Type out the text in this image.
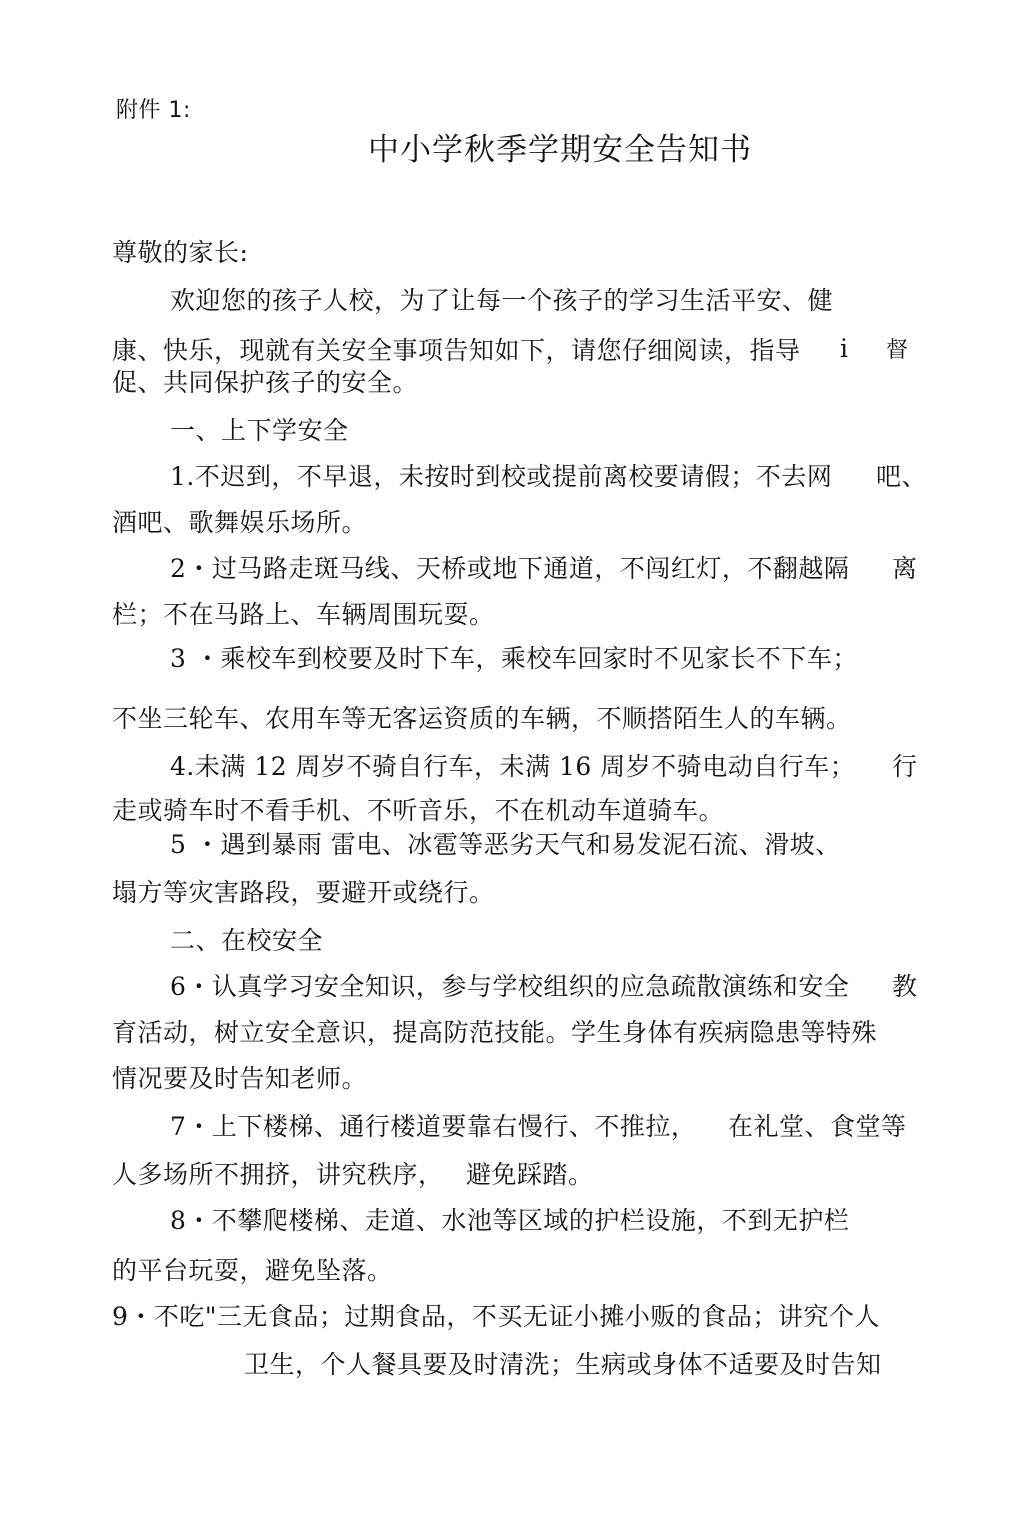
附件 1:
中小学秋季学期安全告知书
尊敬的家长:
欢迎您的孩子人校，为了让每一个孩子的学习生活平安、健
康、快乐，现就有关安全事项告知如下，请您仔细阅读，指导 i 督
促、共同保护孩子的安全。
一、上下学安全
1.不迟到，不早退，未按时到校或提前离校要请假；不去网 吧、
酒吧、歌舞娱乐场所。
2・过马路走斑马线、天桥或地下通道，不闯红灯，不翻越隔 离
栏；不在马路上、车辆周围玩耍。
3 ・乘校车到校要及时下车，乘校车回家时不见家长不下车；
不坐三轮车、农用车等无客运资质的车辆，不顺搭陌生人的车辆。
4.未满 12 周岁不骑自行车，未满 16 周岁不骑电动自行车； 行
走或骑车时不看手机、不听音乐，不在机动车道骑车。
5 ・遇到暴雨 雷电、冰雹等恶劣天气和易发泥石流、滑坡、
塌方等灾害路段，要避开或绕行。
二、在校安全
6・认真学习安全知识，参与学校组织的应急疏散演练和安全 教
育活动，树立安全意识，提高防范技能。学生身体有疾病隐患等特殊
情况要及时告知老师。
7・上下楼梯、通行楼道要靠右慢行、不推拉， 在礼堂、食堂等
人多场所不拥挤，讲究秩序， 避免踩踏。
8・不攀爬楼梯、走道、水池等区域的护栏设施，不到无护栏
的平台玩耍，避免坠落。
9・不吃"三无食品；过期食品，不买无证小摊小贩的食品；讲究个人
卫生，个人餐具要及时清洗；生病或身体不适要及时告知
